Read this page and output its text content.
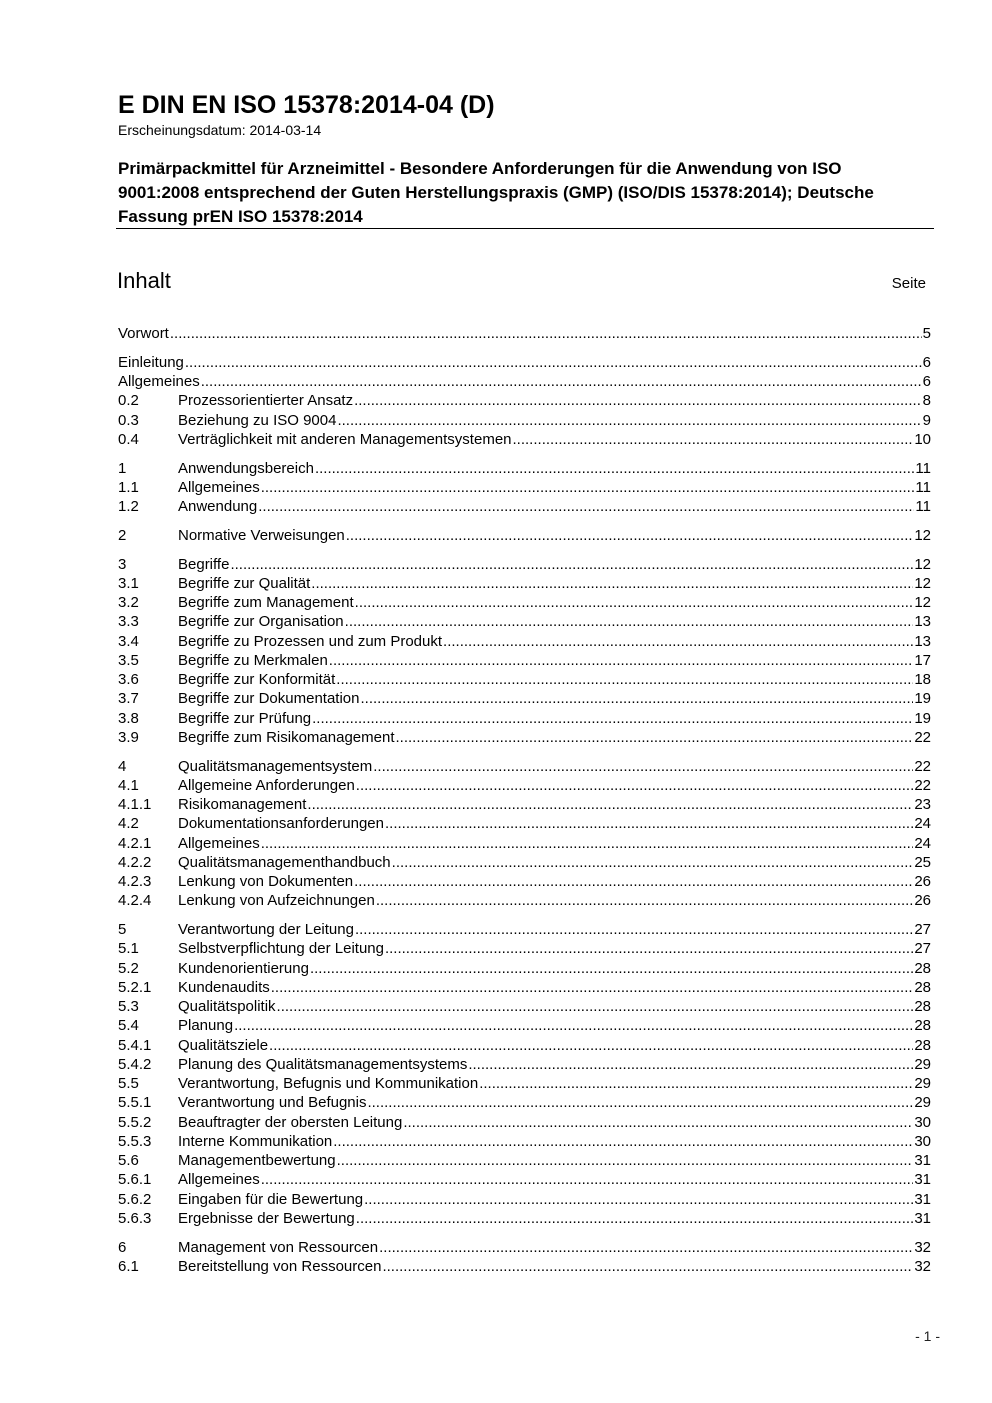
E DIN EN ISO 15378:2014-04 (D)
Erscheinungsdatum: 2014-03-14
Primärpackmittel für Arzneimittel - Besondere Anforderungen für die Anwendung von ISO 9001:2008 entsprechend der Guten Herstellungspraxis (GMP) (ISO/DIS 15378:2014); Deutsche Fassung prEN ISO 15378:2014
Inhalt	Seite
Vorwort .....	5
Einleitung .....	6
Allgemeines .....	6
0.2	Prozessorientierter Ansatz .....	8
0.3	Beziehung zu ISO 9004 .....	9
0.4	Verträglichkeit mit anderen Managementsystemen .....	10
1	Anwendungsbereich .....	11
1.1	Allgemeines .....	11
1.2	Anwendung .....	11
2	Normative Verweisungen .....	12
3	Begriffe .....	12
3.1	Begriffe zur Qualität .....	12
3.2	Begriffe zum Management .....	12
3.3	Begriffe zur Organisation .....	13
3.4	Begriffe zu Prozessen und zum Produkt .....	13
3.5	Begriffe zu Merkmalen .....	17
3.6	Begriffe zur Konformität .....	18
3.7	Begriffe zur Dokumentation .....	19
3.8	Begriffe zur Prüfung .....	19
3.9	Begriffe zum Risikomanagement .....	22
4	Qualitätsmanagementsystem .....	22
4.1	Allgemeine Anforderungen .....	22
4.1.1	Risikomanagement .....	23
4.2	Dokumentationsanforderungen .....	24
4.2.1	Allgemeines .....	24
4.2.2	Qualitätsmanagementhandbuch .....	25
4.2.3	Lenkung von Dokumenten .....	26
4.2.4	Lenkung von Aufzeichnungen .....	26
5	Verantwortung der Leitung .....	27
5.1	Selbstverpflichtung der Leitung .....	27
5.2	Kundenorientierung .....	28
5.2.1	Kundenaudits .....	28
5.3	Qualitätspolitik .....	28
5.4	Planung .....	28
5.4.1	Qualitätsziele .....	28
5.4.2	Planung des Qualitätsmanagementsystems .....	29
5.5	Verantwortung, Befugnis und Kommunikation .....	29
5.5.1	Verantwortung und Befugnis .....	29
5.5.2	Beauftragter der obersten Leitung .....	30
5.5.3	Interne Kommunikation .....	30
5.6	Managementbewertung .....	31
5.6.1	Allgemeines .....	31
5.6.2	Eingaben für die Bewertung .....	31
5.6.3	Ergebnisse der Bewertung .....	31
6	Management von Ressourcen .....	32
6.1	Bereitstellung von Ressourcen .....	32
- 1 -
